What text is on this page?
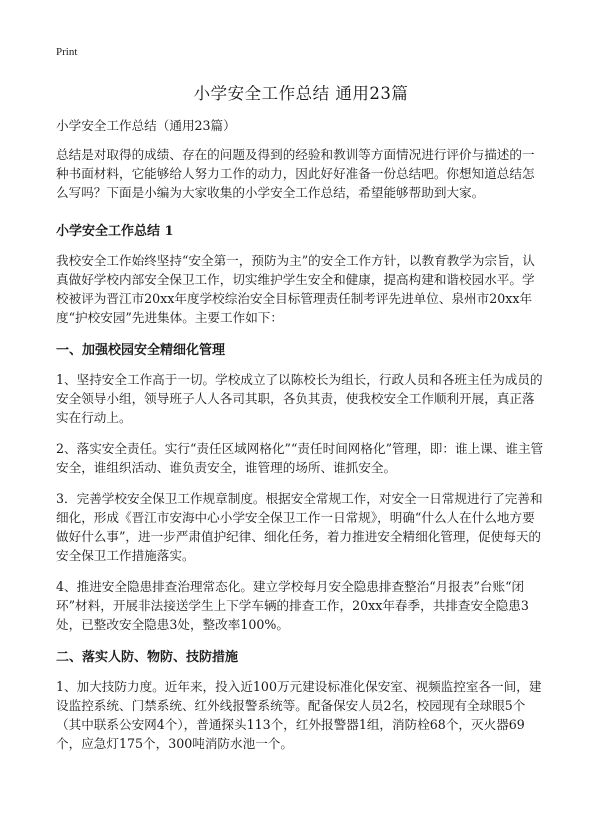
Print
小学安全工作总结 通用23篇
小学安全工作总结（通用23篇）

总结是对取得的成绩、存在的问题及得到的经验和教训等方面情况进行评价与描述的一种书面材料，它能够给人努力工作的动力，因此好好准备一份总结吧。你想知道总结怎么写吗？下面是小编为大家收集的小学安全工作总结，希望能够帮助到大家。

小学安全工作总结 1

我校安全工作始终坚持“安全第一，预防为主”的安全工作方针，以教育教学为宗旨，认真做好学校内部安全保卫工作，切实维护学生安全和健康，提高构建和谐校园水平。学校被评为晋江市20xx年度学校综治安全目标管理责任制考评先进单位、泉州市20xx年度“护校安园”先进集体。主要工作如下：

一、加强校园安全精细化管理

1、坚持安全工作高于一切。学校成立了以陈校长为组长，行政人员和各班主任为成员的安全领导小组，领导班子人人各司其职，各负其责，使我校安全工作顺利开展，真正落实在行动上。

2、落实安全责任。实行“责任区域网格化”“责任时间网格化”管理，即：谁上课、谁主管安全，谁组织活动、谁负责安全，谁管理的场所、谁抓安全。

3．完善学校安全保卫工作规章制度。根据安全常规工作，对安全一日常规进行了完善和细化，形成《晋江市安海中心小学安全保卫工作一日常规》，明确“什么人在什么地方要做好什么事”，进一步严肃值护纪律、细化任务，着力推进安全精细化管理，促使每天的安全保卫工作措施落实。

4、推进安全隐患排查治理常态化。建立学校每月安全隐患排查整治“月报表”台账“闭环”材料，开展非法接送学生上下学车辆的排查工作，20xx年春季，共排查安全隐患3处，已整改安全隐患3处，整改率100%。

二、落实人防、物防、技防措施

1、加大技防力度。近年来，投入近100万元建设标准化保安室、视频监控室各一间，建设监控系统、门禁系统、红外线报警系统等。配备保安人员2名，校园现有全球眼5个（其中联系公安网4个），普通探头113个，红外报警器1组，消防栓68个，灭火器69个，应急灯175个，300吨消防水池一个。
